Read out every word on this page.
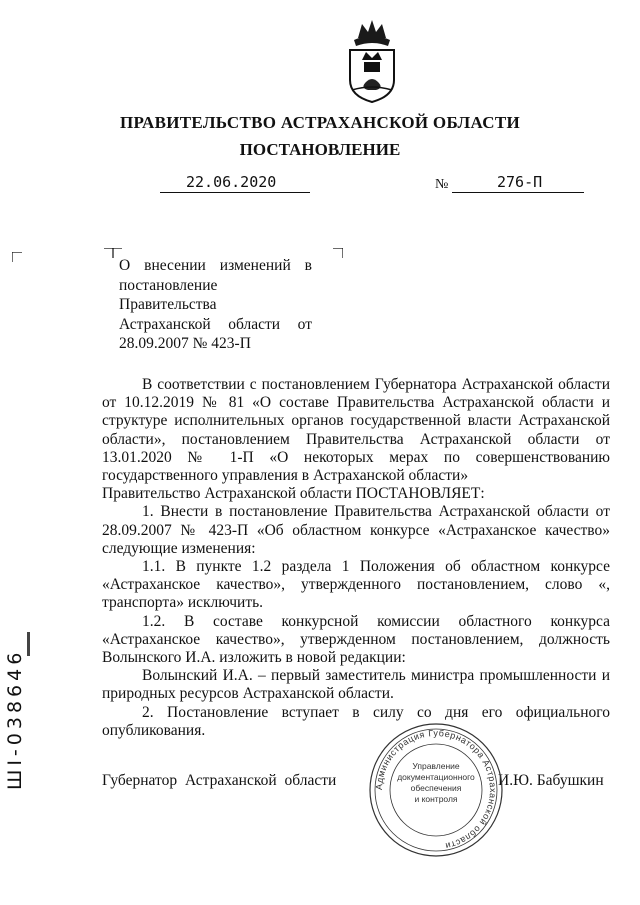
ПРАВИТЕЛЬСТВО АСТРАХАНСКОЙ ОБЛАСТИ
ПОСТАНОВЛЕНИЕ
22.06.2020	№	276-П
О внесении изменений в постановление Правительства Астраханской области от 28.09.2007 № 423-П

В соответствии с постановлением Губернатора Астраханской области от 10.12.2019 № 81 «О составе Правительства Астраханской области и структуре исполнительных органов государственной власти Астраханской области», постановлением Правительства Астраханской области от 13.01.2020 № 1-П «О некоторых мерах по совершенствованию государственного управления в Астраханской области»

Правительство Астраханской области ПОСТАНОВЛЯЕТ:

1. Внести в постановление Правительства Астраханской области от 28.09.2007 № 423-П «Об областном конкурсе «Астраханское качество» следующие изменения:

1.1. В пункте 1.2 раздела 1 Положения об областном конкурсе «Астраханское качество», утвержденного постановлением, слово «, транспорта» исключить.

1.2. В составе конкурсной комиссии областного конкурса «Астраханское качество», утвержденном постановлением, должность Волынского И.А. изложить в новой редакции:

Волынский И.А. – первый заместитель министра промышленности и природных ресурсов Астраханской области.

2. Постановление вступает в силу со дня его официального опубликования.

Губернатор Астраханской области	И.Ю. Бабушкин
Администрация Губернатора Астраханской области
Управление
документационного
обеспечения
и контроля
ШI-038646
